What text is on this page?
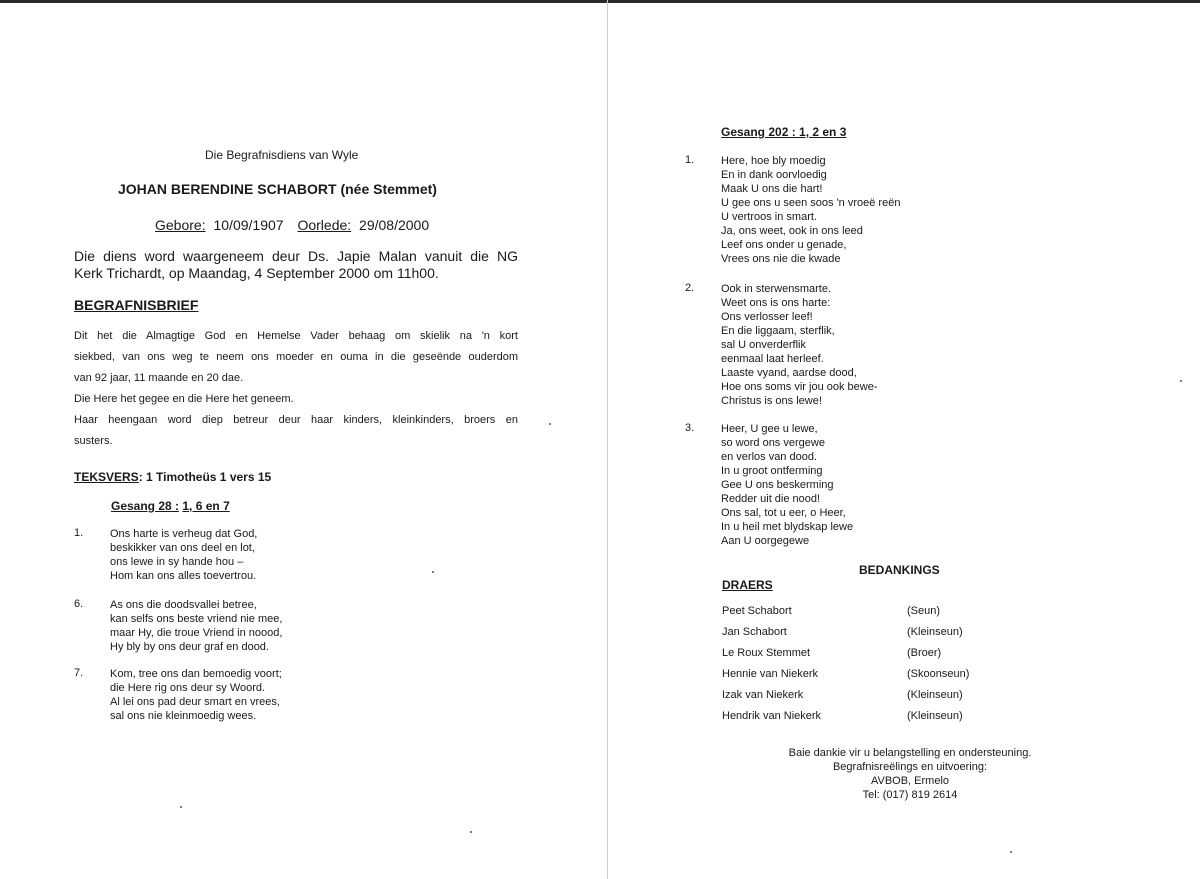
Die Begrafnisdiens van Wyle
JOHAN BERENDINE SCHABORT (née Stemmet)
Gebore: 10/09/1907 Oorlede: 29/08/2000
Die diens word waargeneem deur Ds. Japie Malan vanuit die NG
Kerk Trichardt, op Maandag, 4 September 2000 om 11h00.
BEGRAFNISBRIEF
Dit het die Almagtige God en Hemelse Vader behaag om skielik na 'n kort
siekbed, van ons weg te neem ons moeder en ouma in die geseënde ouderdom
van 92 jaar, 11 maande en 20 dae.
Die Here het gegee en die Here het geneem.
Haar heengaan word diep betreur deur haar kinders, kleinkinders, broers en
susters.
TEKSVERS: 1 Timotheüs 1 vers 15
Gesang 28 : 1, 6 en 7
1. Ons harte is verheug dat God,
beskikker van ons deel en lot,
ons lewe in sy hande hou –
Hom kan ons alles toevertrou.
6. As ons die doodsvallei betree,
kan selfs ons beste vriend nie mee,
maar Hy, die troue Vriend in noood,
Hy bly by ons deur graf en dood.
7. Kom, tree ons dan bemoedig voort;
die Here rig ons deur sy Woord.
Al lei ons pad deur smart en vrees,
sal ons nie kleinmoedig wees.
Gesang 202 : 1, 2 en 3
1. Here, hoe bly moedig
En in dank oorvloedig
Maak U ons die hart!
U gee ons u seen soos 'n vroeë reën
U vertroos in smart.
Ja, ons weet, ook in ons leed
Leef ons onder u genade,
Vrees ons nie die kwade
2. Ook in sterwensmarte.
Weet ons is ons harte:
Ons verlosser leef!
En die liggaam, sterflik,
sal U onverderflik
eenmaal laat herleef.
Laaste vyand, aardse dood,
Hoe ons soms vir jou ook bewe-
Christus is ons lewe!
3. Heer, U gee u lewe,
so word ons vergewe
en verlos van dood.
In u groot ontferming
Gee U ons beskerming
Redder uit die nood!
Ons sal, tot u eer, o Heer,
In u heil met blydskap lewe
Aan U oorgegewe
BEDANKINGS
DRAERS
Peet Schabort	(Seun)
Jan Schabort	(Kleinseun)
Le Roux Stemmet	(Broer)
Hennie van Niekerk	(Skoonseun)
Izak van Niekerk	(Kleinseun)
Hendrik van Niekerk	(Kleinseun)
Baie dankie vir u belangstelling en ondersteuning.
Begrafnisreëlings en uitvoering:
AVBOB, Ermelo
Tel: (017) 819 2614
